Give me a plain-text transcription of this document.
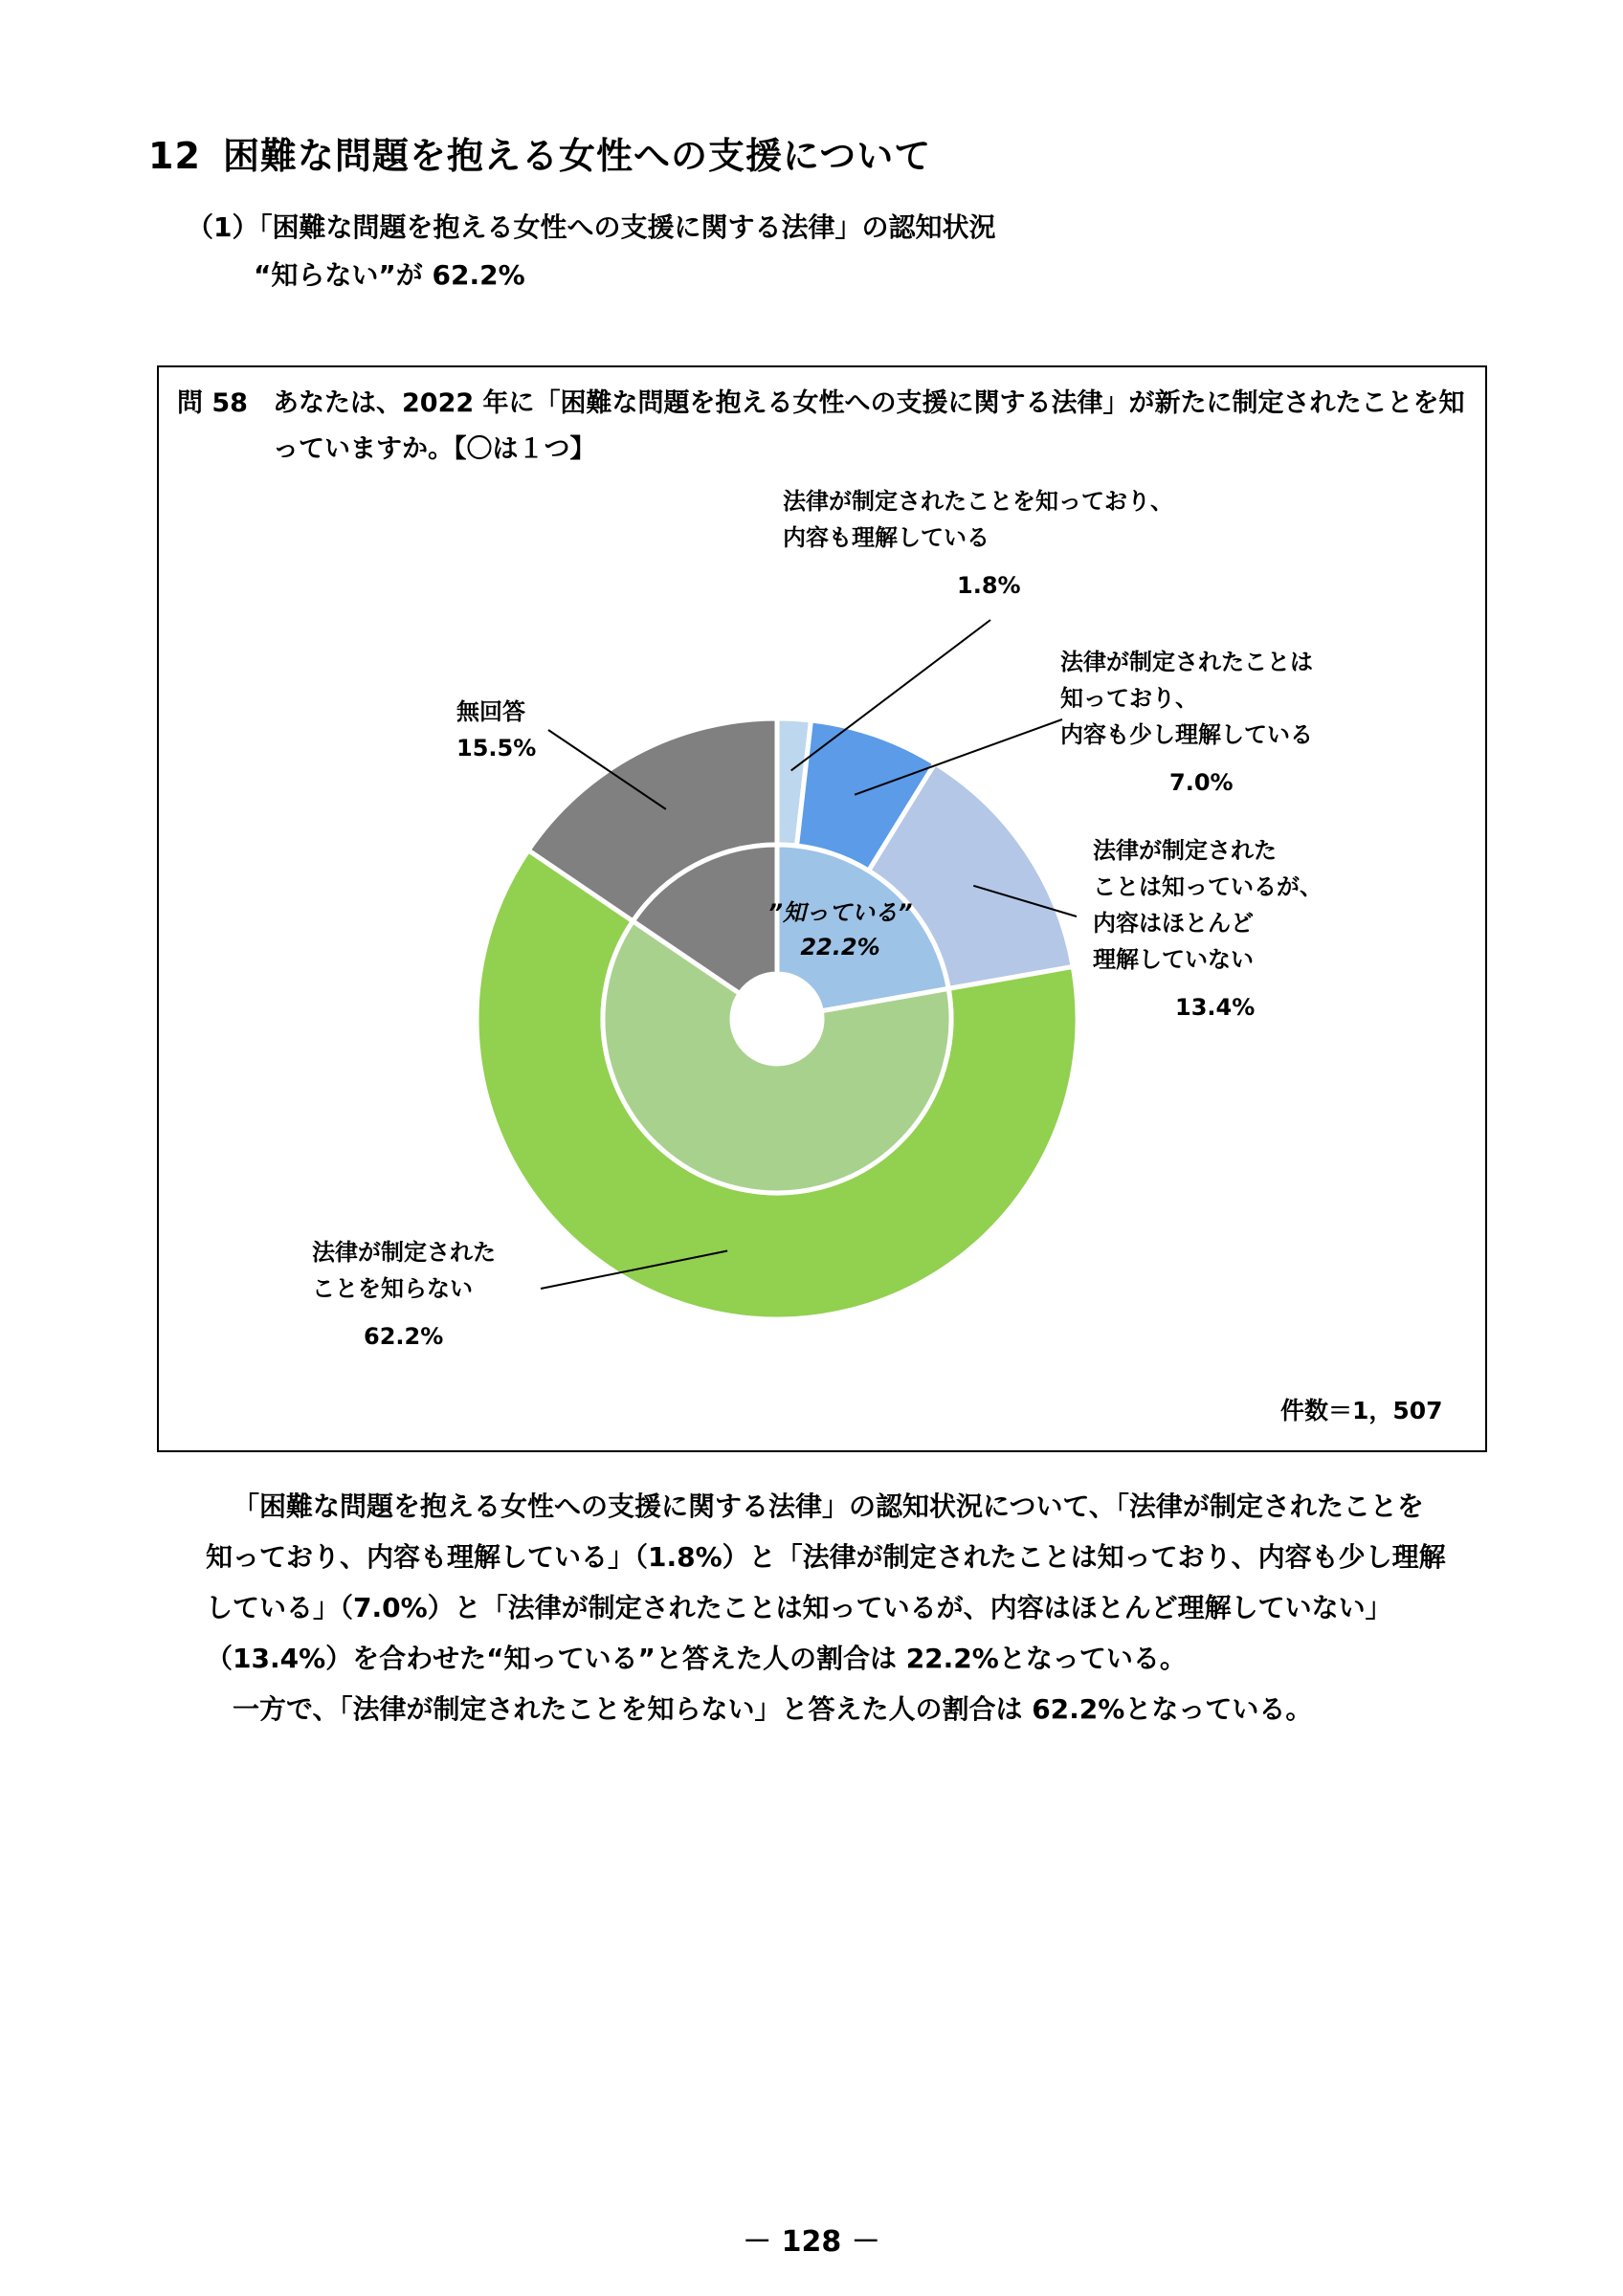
12 困難な問題を抱える女性への支援について
（1）「困難な問題を抱える女性への支援に関する法律」の認知状況
“知らない”が 62.2%
問 58 あなたは、2022 年に「困難な問題を抱える女性への支援に関する法律」が新たに制定されたことを知っていますか。【〇は１つ】
”知っている”
22.2%
法律が制定されたことを知っており、
内容も理解している
1.8%
法律が制定されたことは
知っており、
内容も少し理解している
7.0%
法律が制定された
ことは知っているが、
内容はほとんど
理解していない
13.4%
法律が制定された
ことを知らない
62.2%
無回答
15.5%
件数＝1，507

「困難な問題を抱える女性への支援に関する法律」の認知状況について、「法律が制定されたことを知っており、内容も理解している」（1.8%）と「法律が制定されたことは知っており、内容も少し理解している」（7.0%）と「法律が制定されたことは知っているが、内容はほとんど理解していない」（13.4%）を合わせた“知っている”と答えた人の割合は 22.2%となっている。

一方で、「法律が制定されたことを知らない」と答えた人の割合は 62.2%となっている。

－ 128 －
